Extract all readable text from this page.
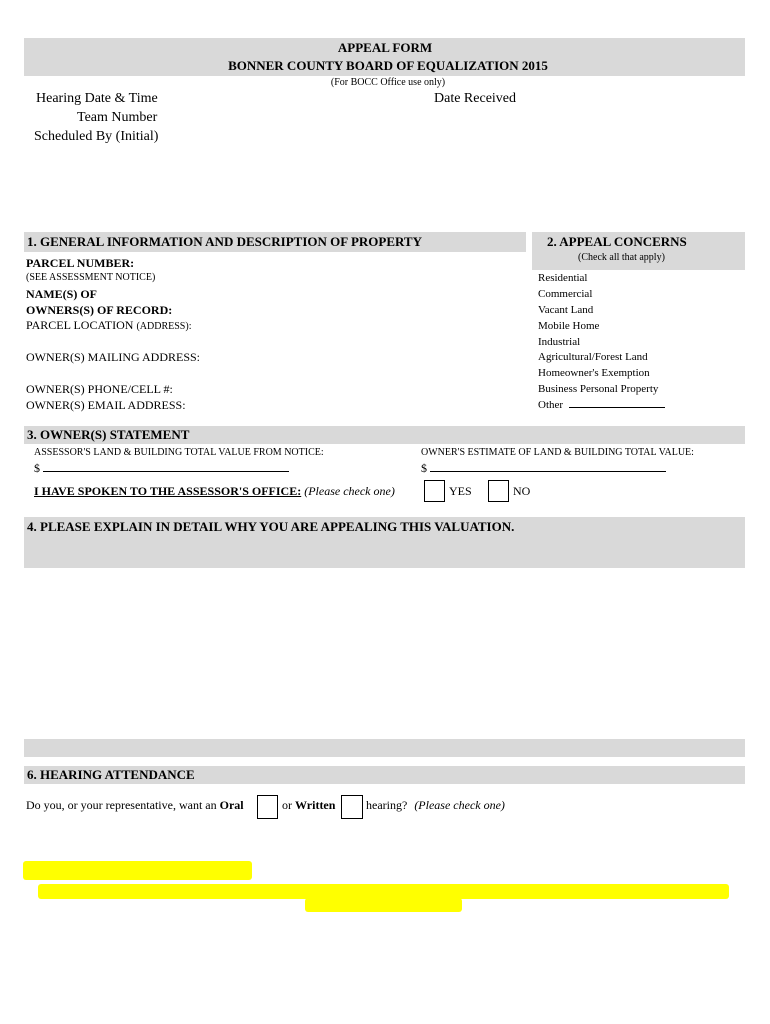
APPEAL FORM
BONNER COUNTY BOARD OF EQUALIZATION 2015
(For BOCC Office use only)
Hearing Date & Time
Team Number
Scheduled By (Initial)
Date Received
1. GENERAL INFORMATION AND DESCRIPTION OF PROPERTY	2. APPEAL CONCERNS
(Check all that apply)
PARCEL NUMBER:
(SEE ASSESSMENT NOTICE)
NAME(S) OF
OWNERS(S) OF RECORD:
PARCEL LOCATION (ADDRESS):
OWNER(S) MAILING ADDRESS:
OWNER(S) PHONE/CELL #:
OWNER(S) EMAIL ADDRESS:
Residential
Commercial
Vacant Land
Mobile Home
Industrial
Agricultural/Forest Land
Homeowner's Exemption
Business Personal Property
Other
3. OWNER(S) STATEMENT
ASSESSOR'S LAND & BUILDING TOTAL VALUE FROM NOTICE:	OWNER'S ESTIMATE OF LAND & BUILDING TOTAL VALUE:
$	$
I HAVE SPOKEN TO THE ASSESSOR'S OFFICE: (Please check one)	YES	NO
4. PLEASE EXPLAIN IN DETAIL WHY YOU ARE APPEALING THIS VALUATION.
6. HEARING ATTENDANCE
Do you, or your representative, want an Oral	or Written	hearing? (Please check one)
